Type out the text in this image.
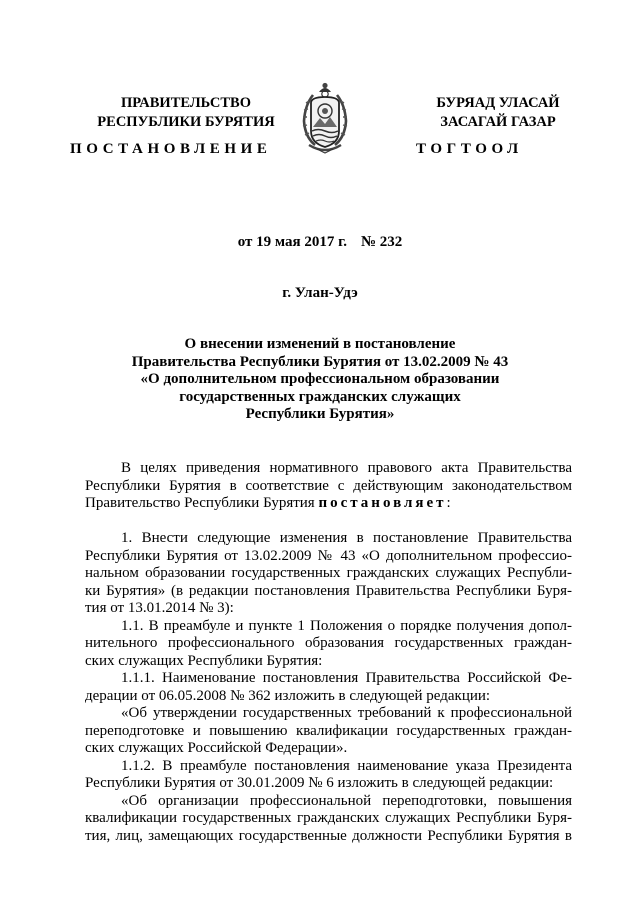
ПРАВИТЕЛЬСТВО
РЕСПУБЛИКИ БУРЯТИЯ
БУРЯАД УЛАСАЙ
ЗАСАГАЙ ГАЗАР
ПОСТАНОВЛЕНИЕ	ТОГТООЛ
от 19 мая 2017 г. № 232
г. Улан-Удэ
О внесении изменений в постановление
Правительства Республики Бурятия от 13.02.2009 № 43
«О дополнительном профессиональном образовании
государственных гражданских служащих
Республики Бурятия»
В целях приведения нормативного правового акта Правительства
Республики Бурятия в соответствие с действующим законодательством
Правительство Республики Бурятия постановляет:
1. Внести следующие изменения в постановление Правительства
Республики Бурятия от 13.02.2009 № 43 «О дополнительном профессио-
нальном образовании государственных гражданских служащих Республи-
ки Бурятия» (в редакции постановления Правительства Республики Буря-
тия от 13.01.2014 № 3):
1.1. В преамбуле и пункте 1 Положения о порядке получения допол-
нительного профессионального образования государственных граждан-
ских служащих Республики Бурятия:
1.1.1. Наименование постановления Правительства Российской Фе-
дерации от 06.05.2008 № 362 изложить в следующей редакции:
«Об утверждении государственных требований к профессиональной
переподготовке и повышению квалификации государственных граждан-
ских служащих Российской Федерации».
1.1.2. В преамбуле постановления наименование указа Президента
Республики Бурятия от 30.01.2009 № 6 изложить в следующей редакции:
«Об организации профессиональной переподготовки, повышения
квалификации государственных гражданских служащих Республики Буря-
тия, лиц, замещающих государственные должности Республики Бурятия в
